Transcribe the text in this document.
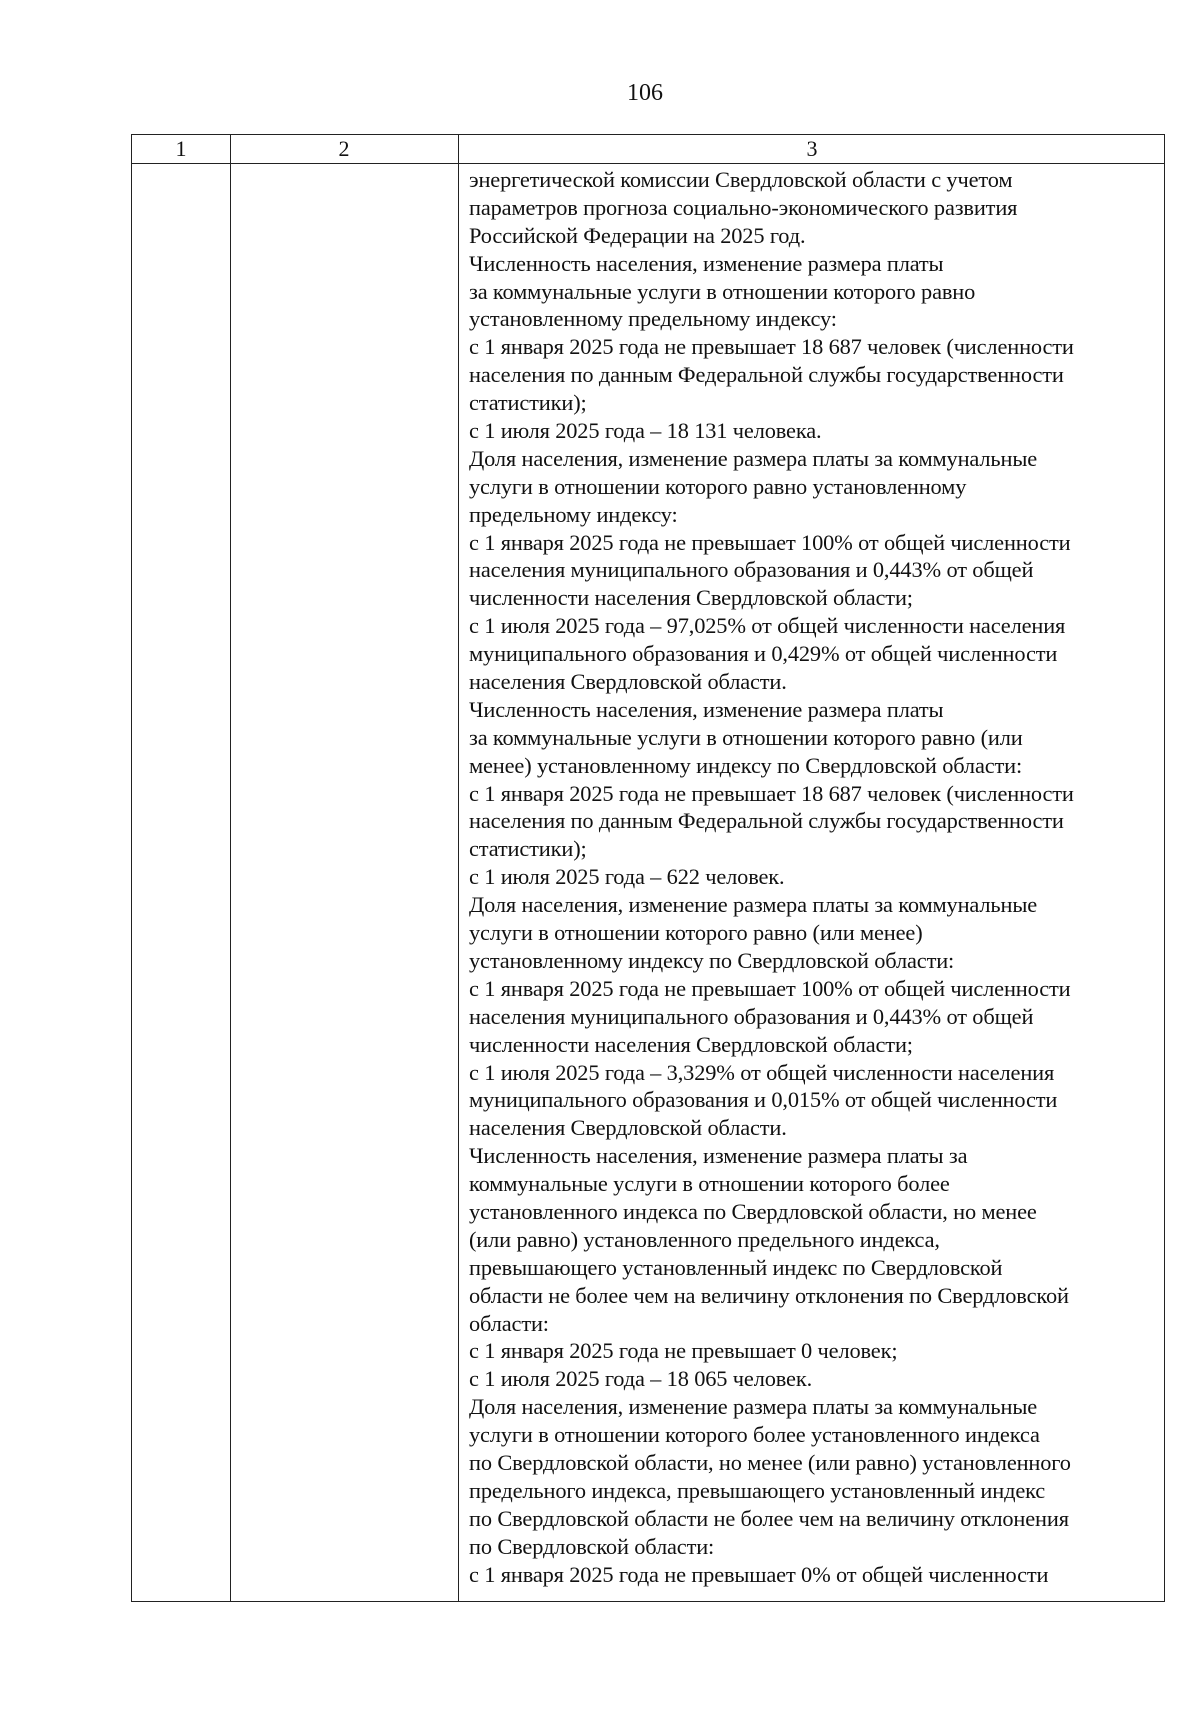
106
1	2	3
энергетической комиссии Свердловской области с учетом
параметров прогноза социально-экономического развития
Российской Федерации на 2025 год.
Численность населения, изменение размера платы
за коммунальные услуги в отношении которого равно
установленному предельному индексу:
с 1 января 2025 года не превышает 18 687 человек (численности
населения по данным Федеральной службы государственности
статистики);
с 1 июля 2025 года – 18 131 человека.
Доля населения, изменение размера платы за коммунальные
услуги в отношении которого равно установленному
предельному индексу:
с 1 января 2025 года не превышает 100% от общей численности
населения муниципального образования и 0,443% от общей
численности населения Свердловской области;
с 1 июля 2025 года – 97,025% от общей численности населения
муниципального образования и 0,429% от общей численности
населения Свердловской области.
Численность населения, изменение размера платы
за коммунальные услуги в отношении которого равно (или
менее) установленному индексу по Свердловской области:
с 1 января 2025 года не превышает 18 687 человек (численности
населения по данным Федеральной службы государственности
статистики);
с 1 июля 2025 года – 622 человек.
Доля населения, изменение размера платы за коммунальные
услуги в отношении которого равно (или менее)
установленному индексу по Свердловской области:
с 1 января 2025 года не превышает 100% от общей численности
населения муниципального образования и 0,443% от общей
численности населения Свердловской области;
с 1 июля 2025 года – 3,329% от общей численности населения
муниципального образования и 0,015% от общей численности
населения Свердловской области.
Численность населения, изменение размера платы за
коммунальные услуги в отношении которого более
установленного индекса по Свердловской области, но менее
(или равно) установленного предельного индекса,
превышающего установленный индекс по Свердловской
области не более чем на величину отклонения по Свердловской
области:
с 1 января 2025 года не превышает 0 человек;
с 1 июля 2025 года – 18 065 человек.
Доля населения, изменение размера платы за коммунальные
услуги в отношении которого более установленного индекса
по Свердловской области, но менее (или равно) установленного
предельного индекса, превышающего установленный индекс
по Свердловской области не более чем на величину отклонения
по Свердловской области:
с 1 января 2025 года не превышает 0% от общей численности
